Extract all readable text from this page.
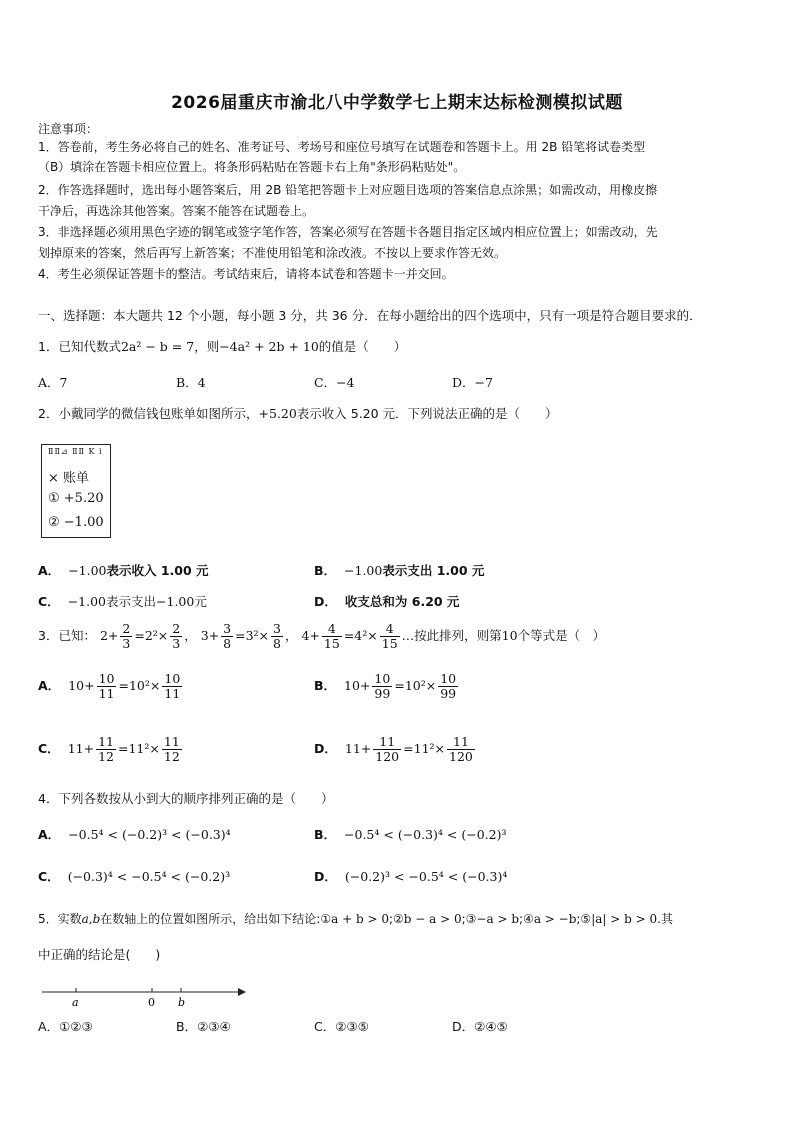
2026届重庆市渝北八中学数学七上期末达标检测模拟试题
注意事项：
1．答卷前，考生务必将自己的姓名、准考证号、考场号和座位号填写在试题卷和答题卡上。用 2B 铅笔将试卷类型
（B）填涂在答题卡相应位置上。将条形码粘贴在答题卡右上角"条形码粘贴处"。
2．作答选择题时，选出每小题答案后，用 2B 铅笔把答题卡上对应题目选项的答案信息点涂黑；如需改动，用橡皮擦
干净后，再选涂其他答案。答案不能答在试题卷上。
3．非选择题必须用黑色字迹的钢笔或签字笔作答，答案必须写在答题卡各题目指定区域内相应位置上；如需改动，先
划掉原来的答案，然后再写上新答案；不准使用铅笔和涂改液。不按以上要求作答无效。
4．考生必须保证答题卡的整洁。考试结束后，请将本试卷和答题卡一并交回。
一、选择题：本大题共 12 个小题，每小题 3 分，共 36 分．在每小题给出的四个选项中，只有一项是符合题目要求的．
1．已知代数式2a² − b = 7，则−4a² + 2b + 10的值是（　　）
A．7	B．4	C．−4	D．−7
2．小戴同学的微信钱包账单如图所示，+5.20表示收入 5.20 元．下列说法正确的是（　　）
ⅡⅡ⊿ ⅡⅡ K ⅰ
× 账单
① +5.20
② −1.00
A． −1.00表示收入 1.00 元	B． −1.00表示支出 1.00 元
C． −1.00表示支出−1.00元	D． 收支总和为 6.20 元
3．已知： $2+ \frac{2}{3} =2^2\times \frac{2}{3}$ ， $3+ \frac{3}{8} =3^2\times \frac{3}{8}$ ， $4+ \frac{4}{15} =4^2\times \frac{4}{15}$ …按此排列，则第10个等式是（　）
A． $10+ \frac{10}{11} =10^2\times \frac{10}{11}$	B． $10+ \frac{10}{99} =10^2\times \frac{10}{99}$
C． $11+ \frac{11}{12} =11^2\times \frac{11}{12}$	D． $11+ \frac{11}{120} =11^2\times \frac{11}{120}$
4．下列各数按从小到大的顺序排列正确的是（　　）
A． −0.5⁴ < (−0.2)³ < (−0.3)⁴	B． −0.5⁴ < (−0.3)⁴ < (−0.2)³
C． (−0.3)⁴ < −0.5⁴ < (−0.2)³	D． (−0.2)³ < −0.5⁴ < (−0.3)⁴
5．实数a,b在数轴上的位置如图所示，给出如下结论:①a + b > 0;②b − a > 0;③−a > b;④a > −b;⑤|a| > b > 0.其
中正确的结论是(　　)
a	0 b
A．①②③	B．②③④	C．②③⑤	D．②④⑤
